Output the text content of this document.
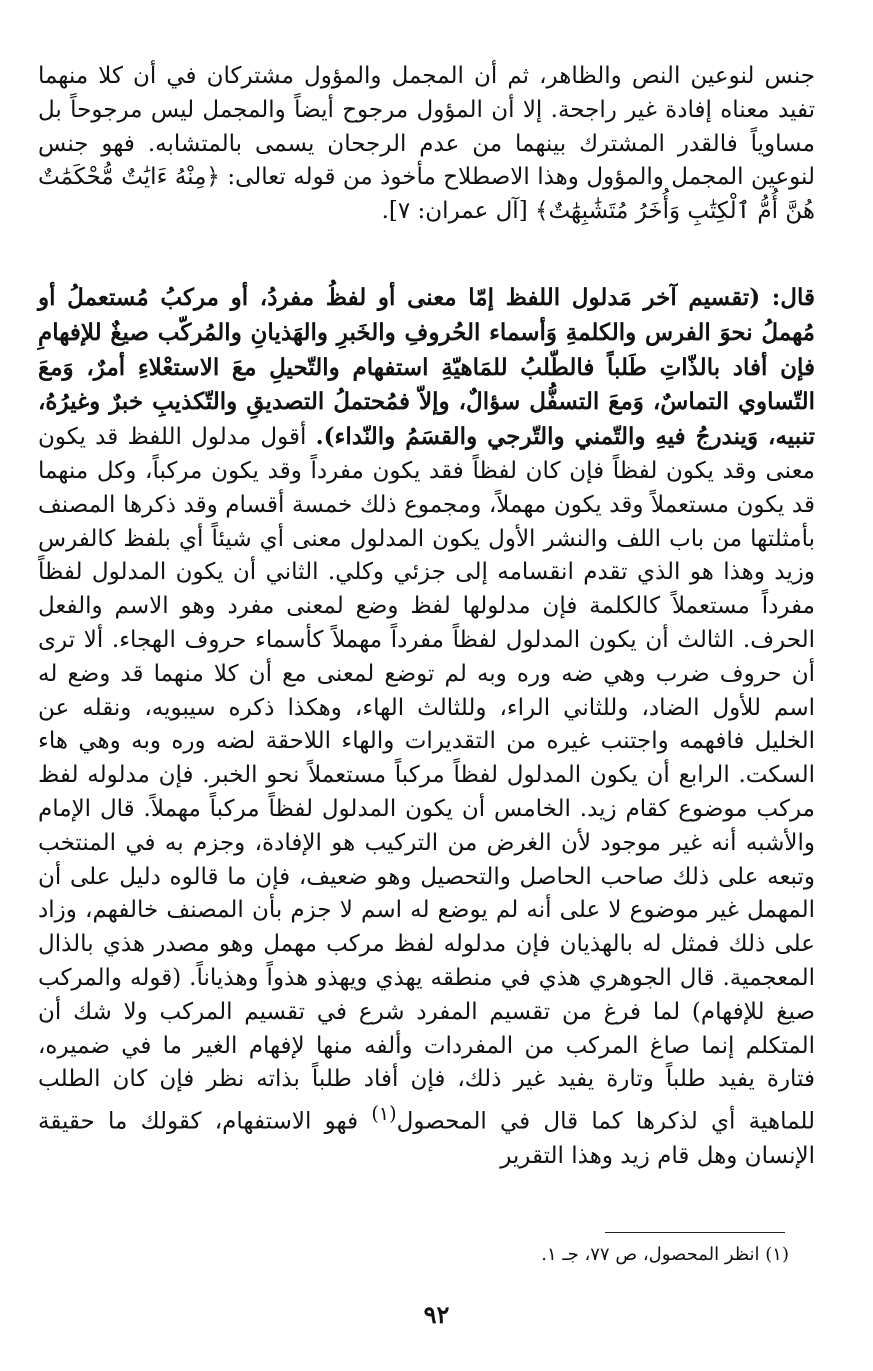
جنس لنوعين النص والظاهر، ثم أن المجمل والمؤول مشتركان في أن كلا منهما تفيد معناه إفادة غير راجحة. إلا أن المؤول مرجوح أيضاً والمجمل ليس مرجوحاً بل مساوياً فالقدر المشترك بينهما من عدم الرجحان يسمى بالمتشابه. فهو جنس لنوعين المجمل والمؤول وهذا الاصطلاح مأخوذ من قوله تعالى: ﴿مِنْهُ ءَايَٰتٌ مُّحْكَمَٰتٌ هُنَّ أُمُّ ٱلْكِتَٰبِ وَأُخَرُ مُتَشَٰبِهَٰتٌ﴾ [آل عمران: ٧].

قال: (تقسيم آخر مَدلول اللفظ إمّا معنى أو لفظُ مفردُ، أو مركبُ مُستعملُ أو مُهملُ نحوَ الفرس والكلمةِ وَأسماء الحُروفِ والخَبرِ والهَذيانِ والمُركّب صيغٌ للإفهامِ فإن أفاد بالذّاتِ طَلباً فالطّلبُ للمَاهيّةِ استفهام والتّحيلِ معَ الاستعْلاءِ أمرٌ، وَمعَ التّساوي التماسٌ، وَمعَ التسفُّل سؤالٌ، وإلاّ فمُحتملُ التصديقِ والتّكذيبِ خبرٌ وغيرُهُ، تنبيه، وَيندرجُ فيهِ والتّمني والتّرجي والقسَمُ والنّداء). أقول مدلول اللفظ قد يكون معنى وقد يكون لفظاً فإن كان لفظاً فقد يكون مفرداً وقد يكون مركباً، وكل منهما قد يكون مستعملاً وقد يكون مهملاً، ومجموع ذلك خمسة أقسام وقد ذكرها المصنف بأمثلتها من باب اللف والنشر الأول يكون المدلول معنى أي شيئاً أي بلفظ كالفرس وزيد وهذا هو الذي تقدم انقسامه إلى جزئي وكلي. الثاني أن يكون المدلول لفظاً مفرداً مستعملاً كالكلمة فإن مدلولها لفظ وضع لمعنى مفرد وهو الاسم والفعل الحرف. الثالث أن يكون المدلول لفظاً مفرداً مهملاً كأسماء حروف الهجاء. ألا ترى أن حروف ضرب وهي ضه وره وبه لم توضع لمعنى مع أن كلا منهما قد وضع له اسم للأول الضاد، وللثاني الراء، وللثالث الهاء، وهكذا ذكره سيبويه، ونقله عن الخليل فافهمه واجتنب غيره من التقديرات والهاء اللاحقة لضه وره وبه وهي هاء السكت. الرابع أن يكون المدلول لفظاً مركباً مستعملاً نحو الخبر. فإن مدلوله لفظ مركب موضوع كقام زيد. الخامس أن يكون المدلول لفظاً مركباً مهملاً. قال الإمام والأشبه أنه غير موجود لأن الغرض من التركيب هو الإفادة، وجزم به في المنتخب وتبعه على ذلك صاحب الحاصل والتحصيل وهو ضعيف، فإن ما قالوه دليل على أن المهمل غير موضوع لا على أنه لم يوضع له اسم لا جزم بأن المصنف خالفهم، وزاد على ذلك فمثل له بالهذيان فإن مدلوله لفظ مركب مهمل وهو مصدر هذي بالذال المعجمية. قال الجوهري هذي في منطقه يهذي ويهذو هذواً وهذياناً. (قوله والمركب صيغ للإفهام) لما فرغ من تقسيم المفرد شرع في تقسيم المركب ولا شك أن المتكلم إنما صاغ المركب من المفردات وألفه منها لإفهام الغير ما في ضميره، فتارة يفيد طلباً وتارة يفيد غير ذلك، فإن أفاد طلباً بذاته نظر فإن كان الطلب للماهية أي لذكرها كما قال في المحصول$^{(١)}$ فهو الاستفهام، كقولك ما حقيقة الإنسان وهل قام زيد وهذا التقرير

(١) انظر المحصول، ص ٧٧، جـ ١.
٩٢
